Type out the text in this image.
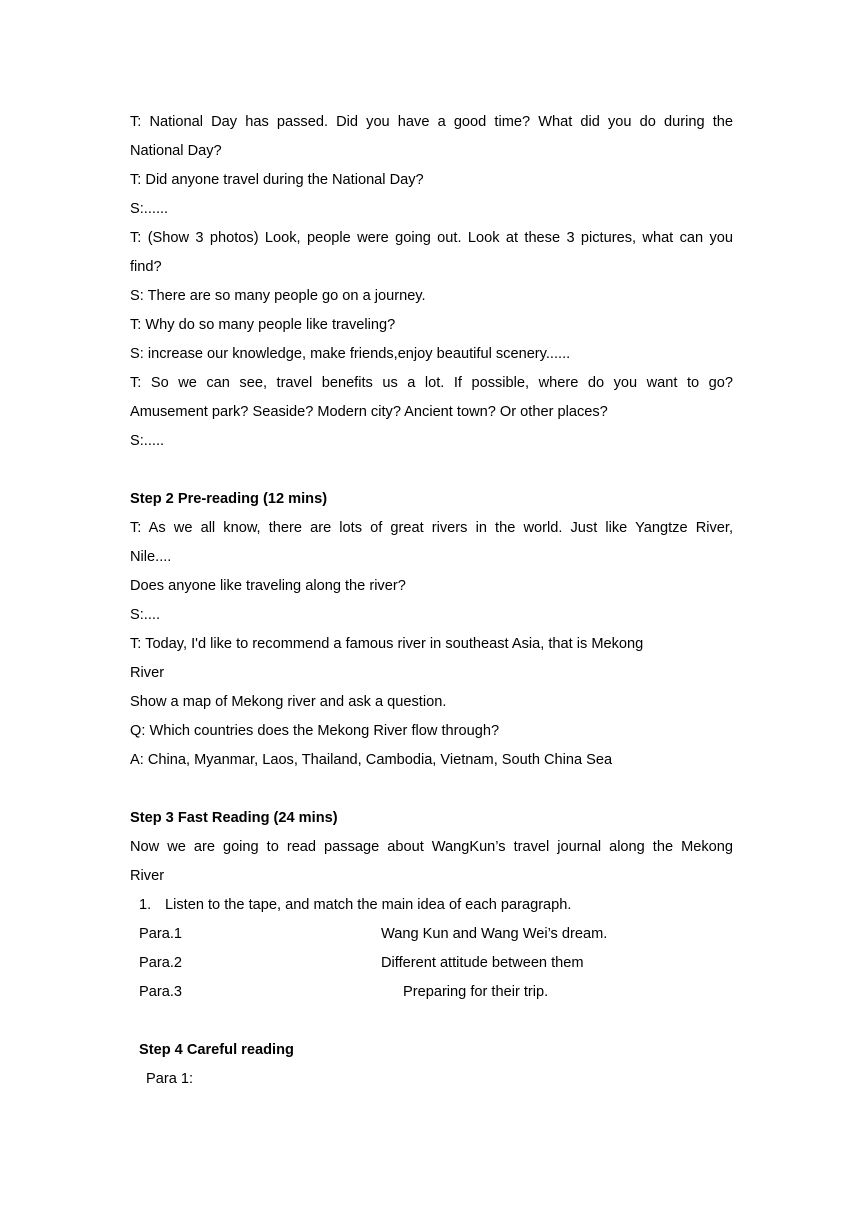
T: National Day has passed. Did you have a good time? What did you do during the
National Day?
T: Did anyone travel during the National Day?
S:......
T: (Show 3 photos) Look, people were going out. Look at these 3 pictures, what can you
find?
S: There are so many people go on a journey.
T: Why do so many people like traveling?
S: increase our knowledge, make friends,enjoy beautiful scenery......
T: So we can see, travel benefits us a lot. If possible, where do you want to go?
Amusement park? Seaside? Modern city? Ancient town? Or other places?
S:.....
Step 2 Pre-reading (12 mins)
T: As we all know, there are lots of great rivers in the world. Just like Yangtze River,
Nile....
Does anyone like traveling along the river?
S:....
T: Today, I'd like to recommend a famous river in southeast Asia, that is Mekong
River
Show a map of Mekong river and ask a question.
Q: Which countries does the Mekong River flow through?
A: China, Myanmar, Laos, Thailand, Cambodia, Vietnam, South China Sea
Step 3 Fast Reading (24 mins)
Now we are going to read passage about WangKun’s travel journal along the Mekong
River
1. Listen to the tape, and match the main idea of each paragraph.
Para.1	Wang Kun and Wang Wei’s dream.
Para.2	Different attitude between them
Para.3	Preparing for their trip.
Step 4 Careful reading
Para 1:
